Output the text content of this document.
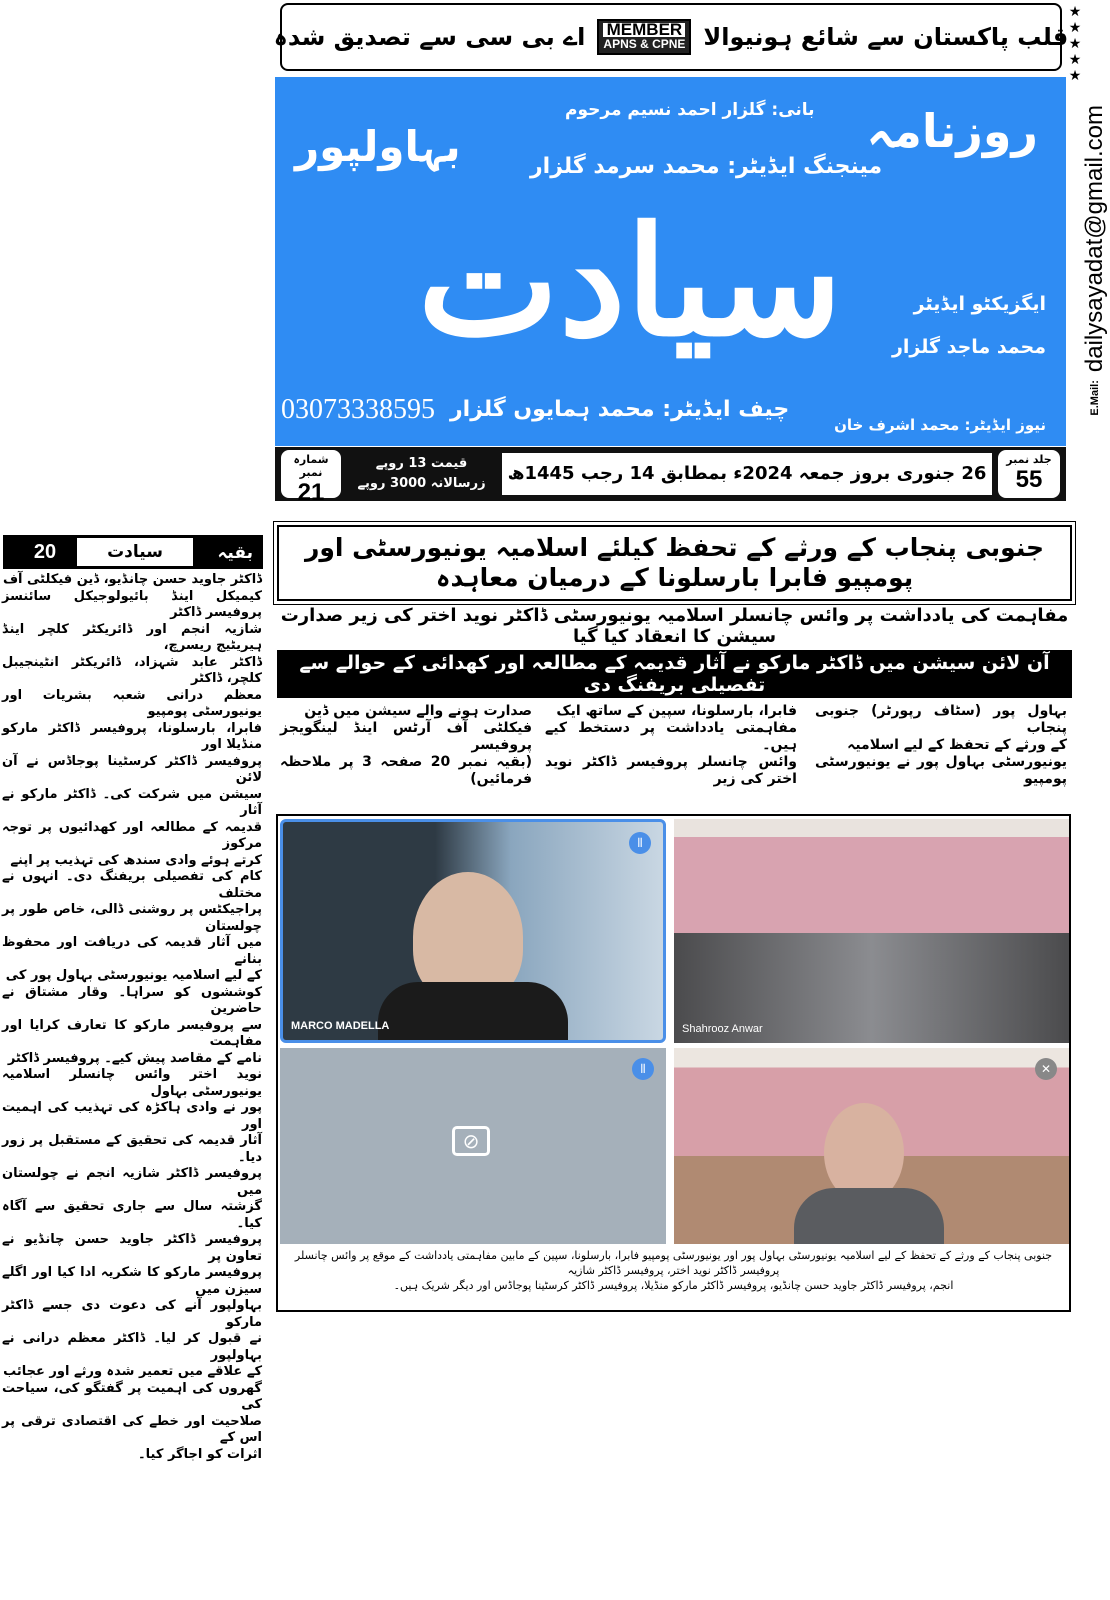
قلب پاکستان سے شائع ہونیوالا
MEMBER
APNS & CPNE
اے بی سی سے تصدیق شدہ
★★★★★
E.Mail:dailysayadat@gmail.com
سیادت
روزنامہ
بہاولپور
بانی: گلزار احمد نسیم مرحوم
مینجنگ ایڈیٹر: محمد سرمد گلزار
ایگزیکٹو ایڈیٹر
محمد ماجد گلزار
چیف ایڈیٹر: محمد ہمایوں گلزار
03073338595	نیوز ایڈیٹر: محمد اشرف خان
جلد نمبر
55
26 جنوری بروز جمعہ 2024ء بمطابق 14 رجب 1445ھ
قیمت 13 روپے
زرسالانہ 3000 روپے
شمارہ نمبر
21
جنوبی پنجاب کے ورثے کے تحفظ کیلئے اسلامیہ یونیورسٹی اور پومپیو فابرا بارسلونا کے درمیان معاہدہ
مفاہمت کی یادداشت پر وائس چانسلر اسلامیہ یونیورسٹی ڈاکٹر نوید اختر کی زیر صدارت سیشن کا انعقاد کیا گیا
آن لائن سیشن میں ڈاکٹر مارکو نے آثار قدیمہ کے مطالعہ اور کھدائی کے حوالے سے تفصیلی بریفنگ دی
بہاول پور (سٹاف رپورٹر) جنوبی پنجاب
کے ورثے کے تحفظ کے لیے اسلامیہ
یونیورسٹی بہاول پور نے یونیورسٹی پومپیو
فابرا، بارسلونا، سپین کے ساتھ ایک
مفاہمتی یادداشت پر دستخط کیے ہیں۔
وائس چانسلر پروفیسر ڈاکٹر نوید اختر کی زیر
صدارت ہونے والے سیشن میں ڈین
فیکلٹی آف آرٹس اینڈ لینگویجز پروفیسر
(بقیہ نمبر 20 صفحہ 3 پر ملاحظہ فرمائیں)
⦀
MARCO MADELLA	Shahrooz Anwar
⦀
⊘
✕
جنوبی پنجاب کے ورثے کے تحفظ کے لیے اسلامیہ یونیورسٹی بہاول پور اور یونیورسٹی پومپیو فابرا، بارسلونا، سپین کے مابین مفاہمتی یادداشت کے موقع پر وائس چانسلر پروفیسر ڈاکٹر نوید اختر، پروفیسر ڈاکٹر شازیہ
انجم، پروفیسر ڈاکٹر جاوید حسن چانڈیو، پروفیسر ڈاکٹر مارکو منڈیلا، پروفیسر ڈاکٹر کرسٹینا پوجاڈس اور دیگر شریک ہیں۔
بقیہ
سیادت
20
ڈاکٹر جاوید حسن چانڈیو، ڈین فیکلٹی آف
کیمیکل اینڈ بائیولوجیکل سائنسز پروفیسر ڈاکٹر
شازیہ انجم اور ڈائریکٹر کلچر اینڈ ہیریٹیج ریسرچ،
ڈاکٹر عابد شہزاد، ڈائریکٹر انٹینجیبل کلچر، ڈاکٹر
معظم درانی شعبہ بشریات اور یونیورسٹی پومپیو
فابرا، بارسلونا، پروفیسر ڈاکٹر مارکو منڈیلا اور
پروفیسر ڈاکٹر کرسٹینا پوجاڈس نے آن لائن
سیشن میں شرکت کی۔ ڈاکٹر مارکو نے آثار
قدیمہ کے مطالعہ اور کھدائیوں پر توجہ مرکوز
کرتے ہوئے وادی سندھ کی تہذیب پر اپنے
کام کی تفصیلی بریفنگ دی۔ انہوں نے مختلف
پراجیکٹس پر روشنی ڈالی، خاص طور پر چولستان
میں آثار قدیمہ کی دریافت اور محفوظ بنانے
کے لیے اسلامیہ یونیورسٹی بہاول پور کی
کوششوں کو سراہا۔ وقار مشتاق نے حاضرین
سے پروفیسر مارکو کا تعارف کرایا اور مفاہمت
نامے کے مقاصد پیش کیے۔ پروفیسر ڈاکٹر
نوید اختر وائس چانسلر اسلامیہ یونیورسٹی بہاول
پور نے وادی ہاکڑہ کی تہذیب کی اہمیت اور
آثار قدیمہ کی تحقیق کے مستقبل پر زور دیا۔
پروفیسر ڈاکٹر شازیہ انجم نے چولستان میں
گزشتہ سال سے جاری تحقیق سے آگاہ کیا۔
پروفیسر ڈاکٹر جاوید حسن چانڈیو نے تعاون پر
پروفیسر مارکو کا شکریہ ادا کیا اور اگلے سیزن میں
بہاولپور آنے کی دعوت دی جسے ڈاکٹر مارکو
نے قبول کر لیا۔ ڈاکٹر معظم درانی نے بہاولپور
کے علاقے میں تعمیر شدہ ورثے اور عجائب
گھروں کی اہمیت پر گفتگو کی، سیاحت کی
صلاحیت اور خطے کی اقتصادی ترقی پر اس کے
اثرات کو اجاگر کیا۔
